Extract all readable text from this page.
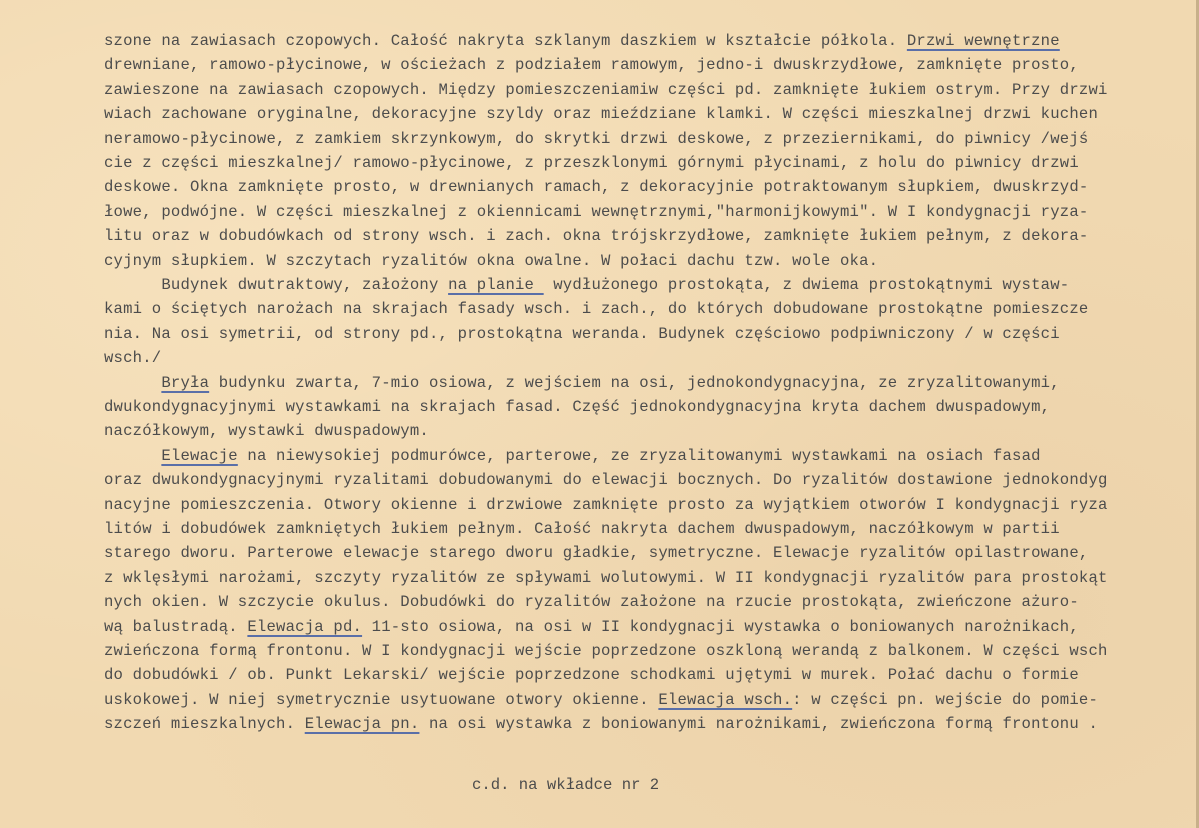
szone na zawiasach czopowych. Całość nakryta szklanym daszkiem w kształcie półkola. Drzwi wewnętrzne
drewniane, ramowo-płycinowe, w ościeżach z podziałem ramowym, jedno-i dwuskrzydłowe, zamknięte prosto,
zawieszone na zawiasach czopowych. Między pomieszczeniamiw części pd. zamknięte łukiem ostrym. Przy drzwi
wiach zachowane oryginalne, dekoracyjne szyldy oraz mieździane klamki. W części mieszkalnej drzwi kuchen
neramowo-płycinowe, z zamkiem skrzynkowym, do skrytki drzwi deskowe, z przeziernikami, do piwnicy /wejś
cie z części mieszkalnej/ ramowo-płycinowe, z przeszklonymi górnymi płycinami, z holu do piwnicy drzwi
deskowe. Okna zamknięte prosto, w drewnianych ramach, z dekoracyjnie potraktowanym słupkiem, dwuskrzyd-
łowe, podwójne. W części mieszkalnej z okiennicami wewnętrznymi,"harmonijkowymi". W I kondygnacji ryza-
litu oraz w dobudówkach od strony wsch. i zach. okna trójskrzydłowe, zamknięte łukiem pełnym, z dekora-
cyjnym słupkiem. W szczytach ryzalitów okna owalne. W połaci dachu tzw. wole oka.
Budynek dwutraktowy, założony na planie  wydłużonego prostokąta, z dwiema prostokątnymi wystaw-
kami o ściętych narożach na skrajach fasady wsch. i zach., do których dobudowane prostokątne pomieszcze
nia. Na osi symetrii, od strony pd., prostokątna weranda. Budynek częściowo podpiwniczony / w części
wsch./
Bryła budynku zwarta, 7-mio osiowa, z wejściem na osi, jednokondygnacyjna, ze zryzalitowanymi,
dwukondygnacyjnymi wystawkami na skrajach fasad. Część jednokondygnacyjna kryta dachem dwuspadowym,
naczółkowym, wystawki dwuspadowym.
Elewacje na niewysokiej podmurówce, parterowe, ze zryzalitowanymi wystawkami na osiach fasad
oraz dwukondygnacyjnymi ryzalitami dobudowanymi do elewacji bocznych. Do ryzalitów dostawione jednokondyg
nacyjne pomieszczenia. Otwory okienne i drzwiowe zamknięte prosto za wyjątkiem otworów I kondygnacji ryza
litów i dobudówek zamkniętych łukiem pełnym. Całość nakryta dachem dwuspadowym, naczółkowym w partii
starego dworu. Parterowe elewacje starego dworu gładkie, symetryczne. Elewacje ryzalitów opilastrowane,
z wklęsłymi narożami, szczyty ryzalitów ze spływami wolutowymi. W II kondygnacji ryzalitów para prostokąt
nych okien. W szczycie okulus. Dobudówki do ryzalitów założone na rzucie prostokąta, zwieńczone ażuro-
wą balustradą. Elewacja pd. 11-sto osiowa, na osi w II kondygnacji wystawka o boniowanych narożnikach,
zwieńczona formą frontonu. W I kondygnacji wejście poprzedzone oszkloną werandą z balkonem. W części wsch
do dobudówki / ob. Punkt Lekarski/ wejście poprzedzone schodkami ujętymi w murek. Połać dachu o formie
uskokowej. W niej symetrycznie usytuowane otwory okienne. Elewacja wsch.: w części pn. wejście do pomie-
szczeń mieszkalnych. Elewacja pn. na osi wystawka z boniowanymi narożnikami, zwieńczona formą frontonu .
c.d. na wkładce nr 2
